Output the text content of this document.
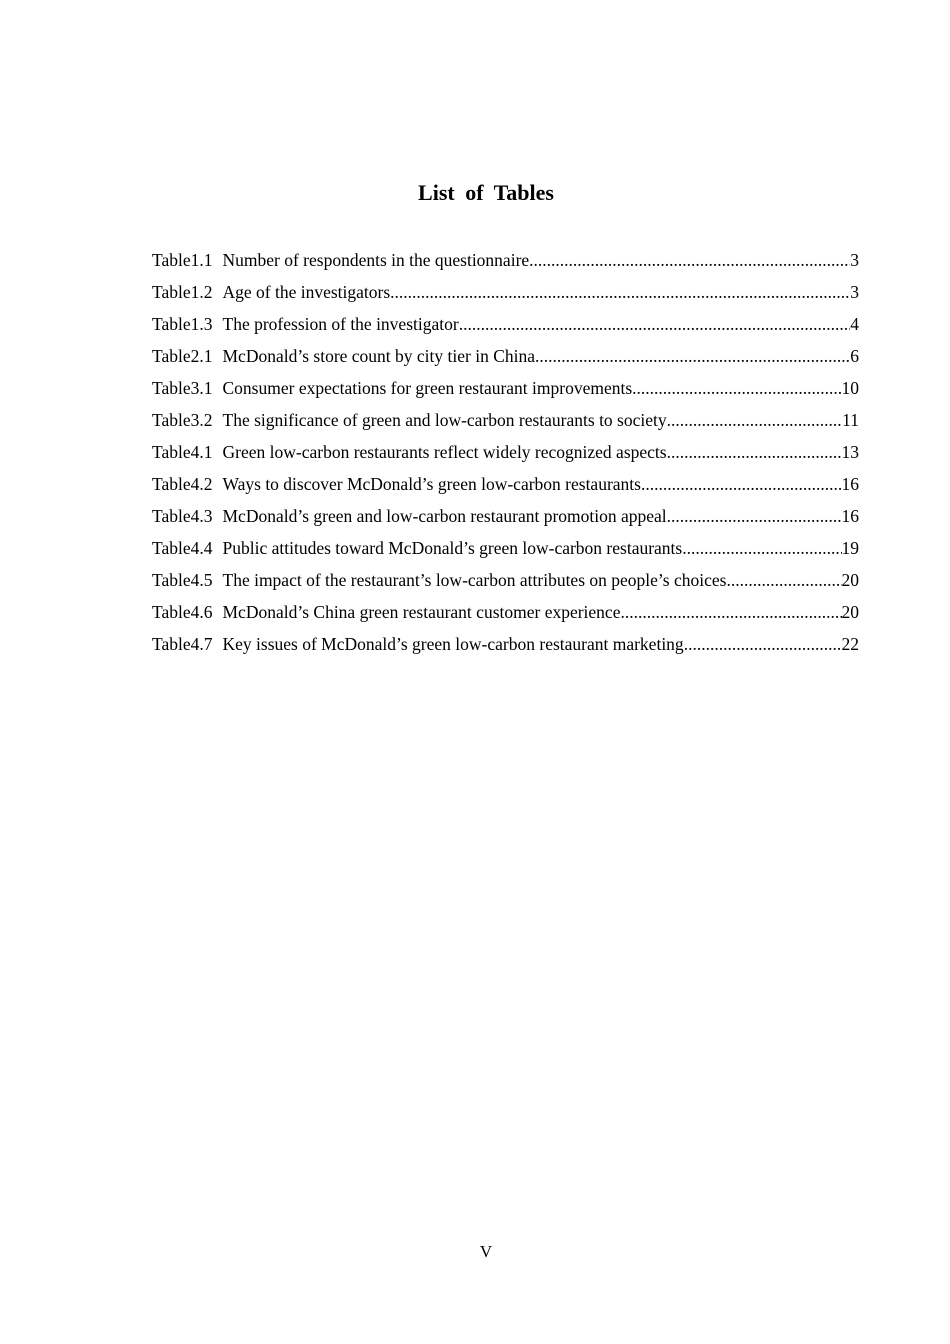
List of Tables
Table1.1 Number of respondents in the questionnaire .....	3
Table1.2 Age of the investigators .....	3
Table1.3 The profession of the investigator .....	4
Table2.1 McDonald’s store count by city tier in China .....	6
Table3.1 Consumer expectations for green restaurant improvements .....	10
Table3.2 The significance of green and low-carbon restaurants to society .....	11
Table4.1 Green low-carbon restaurants reflect widely recognized aspects .....	13
Table4.2 Ways to discover McDonald’s green low-carbon restaurants .....	16
Table4.3 McDonald’s green and low-carbon restaurant promotion appeal .....	16
Table4.4 Public attitudes toward McDonald’s green low-carbon restaurants .....	19
Table4.5 The impact of the restaurant’s low-carbon attributes on people’s choices .....	20
Table4.6 McDonald’s China green restaurant customer experience .....	20
Table4.7 Key issues of McDonald’s green low-carbon restaurant marketing .....	22
V
